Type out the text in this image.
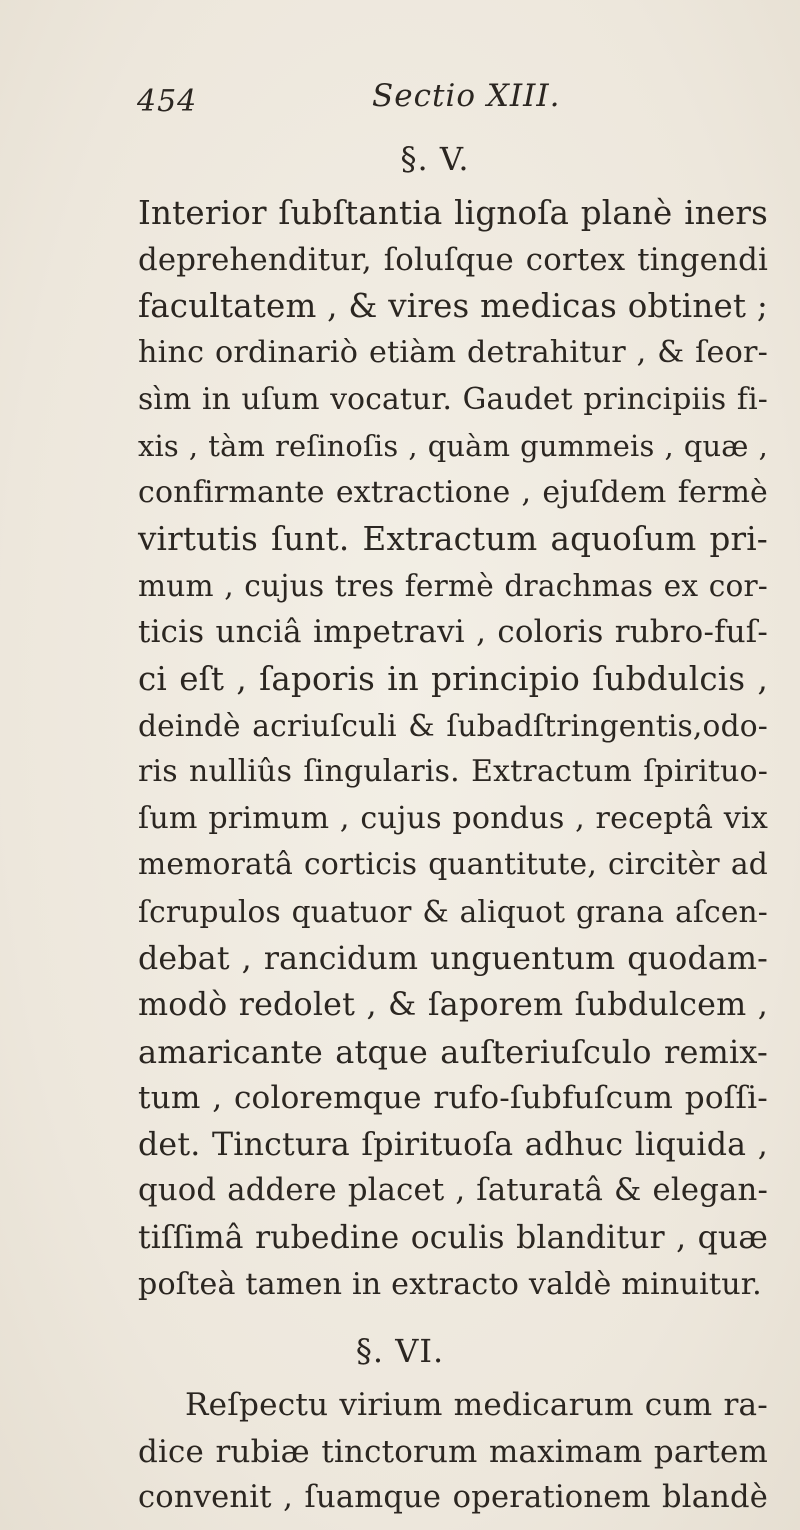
454	Sectio XIII.
§. V.
Interior ſubſtantia lignoſa planè iners
deprehenditur, ſoluſque cortex tingendi
facultatem , & vires medicas obtinet ;
hinc ordinariò etiàm detrahitur , & ſeor-
sìm in uſum vocatur. Gaudet principiis fi-
xis , tàm reſinoſis , quàm gummeis , quæ ,
confirmante extractione , ejuſdem fermè
virtutis ſunt. Extractum aquoſum pri-
mum , cujus tres fermè drachmas ex cor-
ticis unciâ impetravi , coloris rubro-fuſ-
ci eſt , ſaporis in principio ſubdulcis ,
deindè acriuſculi & ſubadſtringentis,odo-
ris nulliûs ſingularis. Extractum ſpirituo-
ſum primum , cujus pondus , receptâ vix
memoratâ corticis quantitute, circitèr ad
ſcrupulos quatuor & aliquot grana aſcen-
debat , rancidum unguentum quodam-
modò redolet , & ſaporem ſubdulcem ,
amaricante atque auſteriuſculo remix-
tum , coloremque rufo-ſubfuſcum poſſi-
det. Tinctura ſpirituoſa adhuc liquida ,
quod addere placet , ſaturatâ & elegan-
tiſſimâ rubedine oculis blanditur , quæ
poſteà tamen in extracto valdè minuitur.
§. VI.
Reſpectu virium medicarum cum ra-
dice rubiæ tinctorum maximam partem
convenit , ſuamque operationem blandè
